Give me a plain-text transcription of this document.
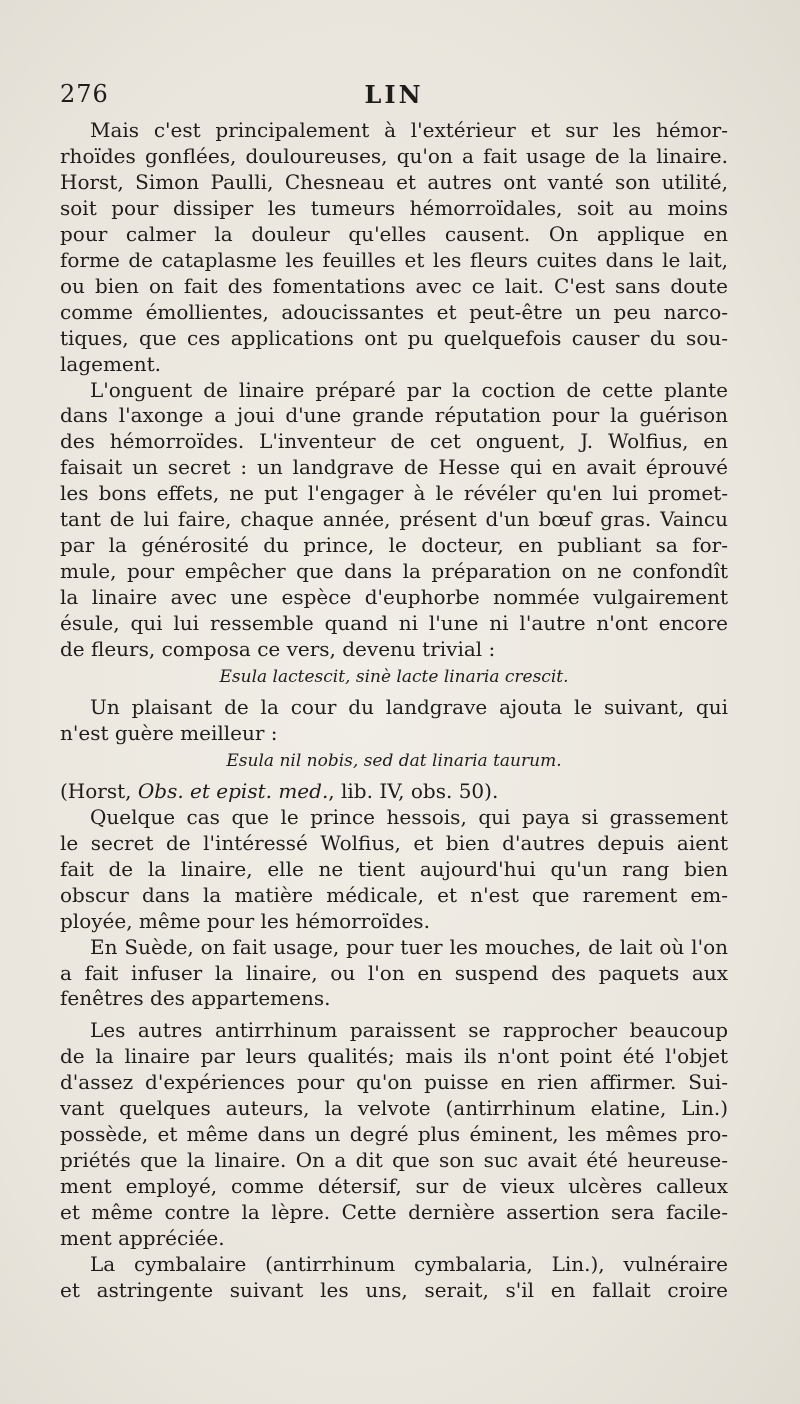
276	LIN
Mais c'est principalement à l'extérieur et sur les hémor-
rhoïdes gonflées, douloureuses, qu'on a fait usage de la linaire.
Horst, Simon Paulli, Chesneau et autres ont vanté son utilité,
soit pour dissiper les tumeurs hémorroïdales, soit au moins
pour calmer la douleur qu'elles causent. On applique en
forme de cataplasme les feuilles et les fleurs cuites dans le lait,
ou bien on fait des fomentations avec ce lait. C'est sans doute
comme émollientes, adoucissantes et peut-être un peu narco-
tiques, que ces applications ont pu quelquefois causer du sou-
lagement.
L'onguent de linaire préparé par la coction de cette plante
dans l'axonge a joui d'une grande réputation pour la guérison
des hémorroïdes. L'inventeur de cet onguent, J. Wolfius, en
faisait un secret : un landgrave de Hesse qui en avait éprouvé
les bons effets, ne put l'engager à le révéler qu'en lui promet-
tant de lui faire, chaque année, présent d'un bœuf gras. Vaincu
par la générosité du prince, le docteur, en publiant sa for-
mule, pour empêcher que dans la préparation on ne confondît
la linaire avec une espèce d'euphorbe nommée vulgairement
ésule, qui lui ressemble quand ni l'une ni l'autre n'ont encore
de fleurs, composa ce vers, devenu trivial :
Esula lactescit, sinè lacte linaria crescit.
Un plaisant de la cour du landgrave ajouta le suivant, qui
n'est guère meilleur :
Esula nil nobis, sed dat linaria taurum.
(Horst, Obs. et epist. med., lib. IV, obs. 50).
Quelque cas que le prince hessois, qui paya si grassement
le secret de l'intéressé Wolfius, et bien d'autres depuis aient
fait de la linaire, elle ne tient aujourd'hui qu'un rang bien
obscur dans la matière médicale, et n'est que rarement em-
ployée, même pour les hémorroïdes.
En Suède, on fait usage, pour tuer les mouches, de lait où l'on
a fait infuser la linaire, ou l'on en suspend des paquets aux
fenêtres des appartemens.
Les autres antirrhinum paraissent se rapprocher beaucoup
de la linaire par leurs qualités; mais ils n'ont point été l'objet
d'assez d'expériences pour qu'on puisse en rien affirmer. Sui-
vant quelques auteurs, la velvote (antirrhinum elatine, Lin.)
possède, et même dans un degré plus éminent, les mêmes pro-
priétés que la linaire. On a dit que son suc avait été heureuse-
ment employé, comme détersif, sur de vieux ulcères calleux
et même contre la lèpre. Cette dernière assertion sera facile-
ment appréciée.
La cymbalaire (antirrhinum cymbalaria, Lin.), vulnéraire
et astringente suivant les uns, serait, s'il en fallait croire
